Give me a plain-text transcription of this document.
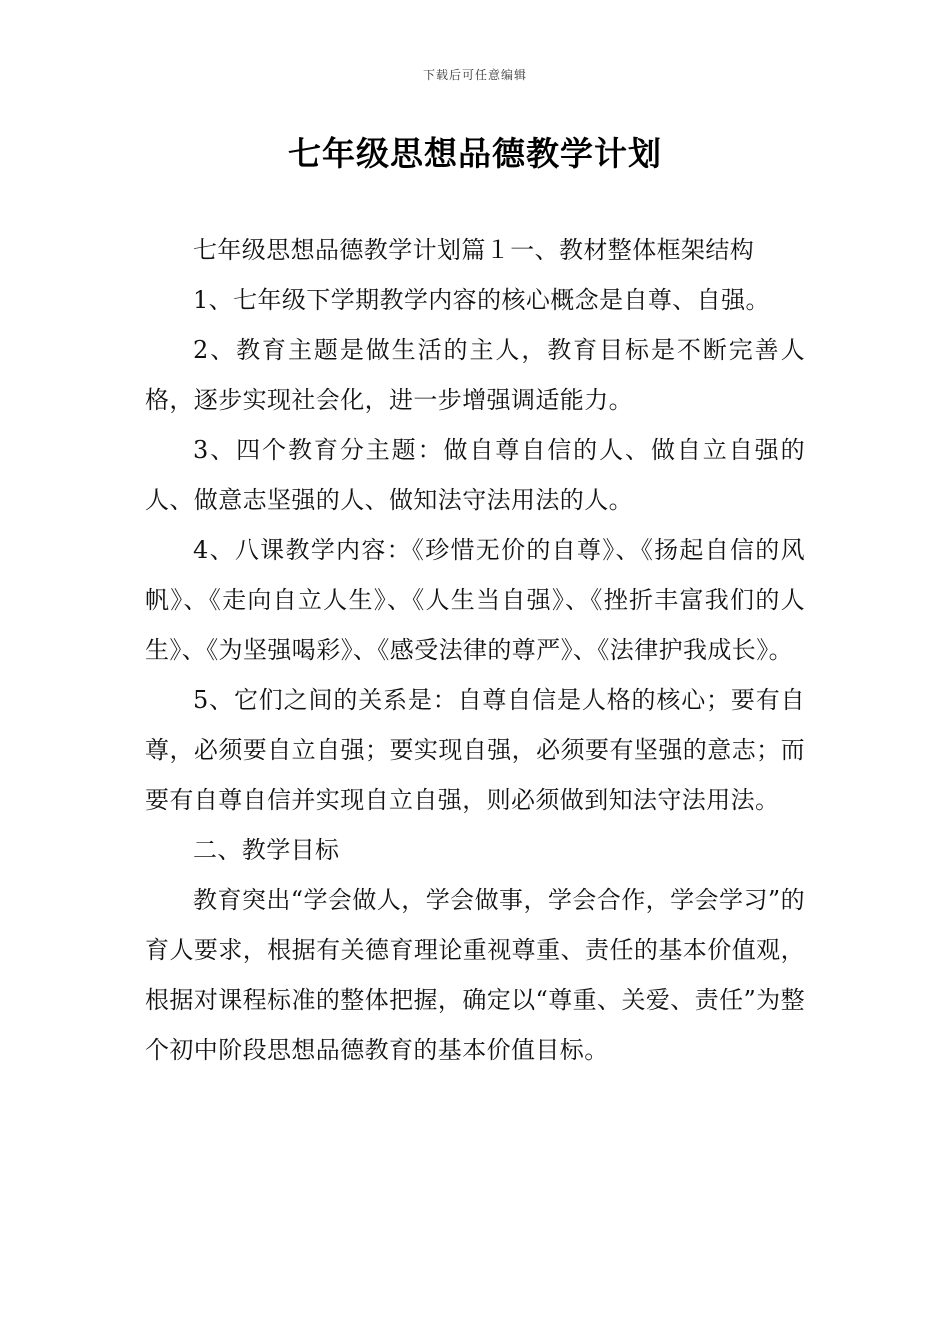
下载后可任意编辑
七年级思想品德教学计划

七年级思想品德教学计划篇１一、教材整体框架结构

1、七年级下学期教学内容的核心概念是自尊、自强。

2、教育主题是做生活的主人，教育目标是不断完善人格，逐步实现社会化，进一步增强调适能力。

3、四个教育分主题：做自尊自信的人、做自立自强的人、做意志坚强的人、做知法守法用法的人。

4、八课教学内容：《珍惜无价的自尊》、《扬起自信的风帆》、《走向自立人生》、《人生当自强》、《挫折丰富我们的人生》、《为坚强喝彩》、《感受法律的尊严》、《法律护我成长》。

5、它们之间的关系是：自尊自信是人格的核心；要有自尊，必须要自立自强；要实现自强，必须要有坚强的意志；而要有自尊自信并实现自立自强，则必须做到知法守法用法。

二、教学目标

教育突出“学会做人，学会做事，学会合作，学会学习”的育人要求，根据有关德育理论重视尊重、责任的基本价值观，根据对课程标准的整体把握，确定以“尊重、关爱、责任”为整个初中阶段思想品德教育的基本价值目标。
